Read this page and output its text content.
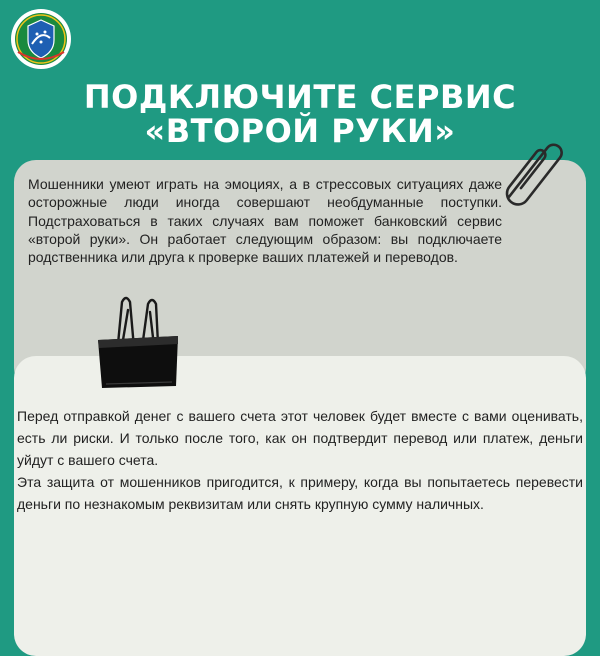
ПОДКЛЮЧИТЕ СЕРВИС
«ВТОРОЙ РУКИ»
Мошенники умеют играть на эмоциях, а в стрессовых ситуациях даже осторожные люди иногда совершают необдуманные поступки. Подстраховаться в таких случаях вам поможет банковский сервис «второй руки». Он работает следующим образом: вы подключаете родственника или друга к проверке ваших платежей и переводов.

Перед отправкой денег с вашего счета этот человек будет вместе с вами оценивать, есть ли риски. И только после того, как он подтвердит перевод или платеж, деньги уйдут с вашего счета.

Эта защита от мошенников пригодится, к примеру, когда вы попытаетесь перевести деньги по незнакомым реквизитам или снять крупную сумму наличных.
